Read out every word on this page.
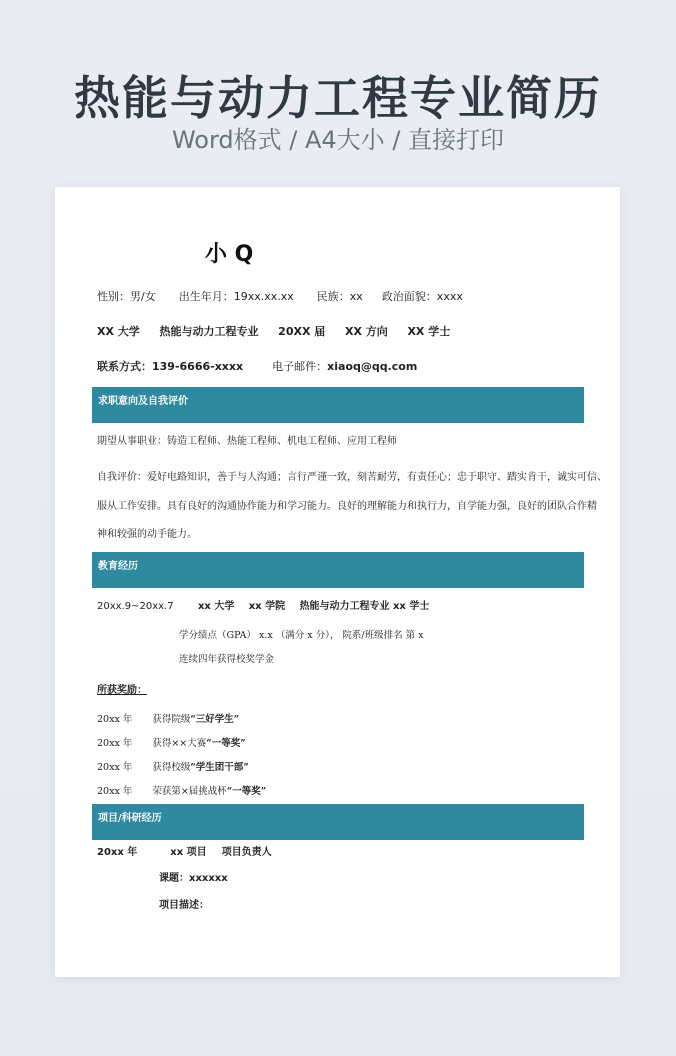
热能与动力工程专业简历
Word格式 / A4大小 / 直接打印
小 Q
性别：男/女 出生年月：19xx.xx.xx 民族：xx 政治面貌：xxxx
XX 大学 热能与动力工程专业 20XX 届 XX 方向 XX 学士
联系方式：139-6666-xxxx	电子邮件：xiaoq@qq.com
求职意向及自我评价
期望从事职业：铸造工程师、热能工程师、机电工程师、应用工程师
自我评价：爱好电路知识，善于与人沟通；言行严谨一致，刻苦耐劳，有责任心；忠于职守、踏实肯干，诚实可信、
服从工作安排。具有良好的沟通协作能力和学习能力。良好的理解能力和执行力，自学能力强，良好的团队合作精
神和较强的动手能力。
教育经历
20xx.9~20xx.7 xx 大学 xx 学院 热能与动力工程专业 xx 学士
学分绩点（GPA） x.x （满分 x 分）， 院系/班级排名 第 x
连续四年获得校奖学金
所获奖励：
20xx 年 获得院级“三好学生”
20xx 年 获得××大赛“一等奖”
20xx 年 获得校级“学生团干部”
20xx 年 荣获第×届挑战杯“一等奖”
项目/科研经历
20xx 年	xx 项目 项目负责人
课题：xxxxxx
项目描述：
